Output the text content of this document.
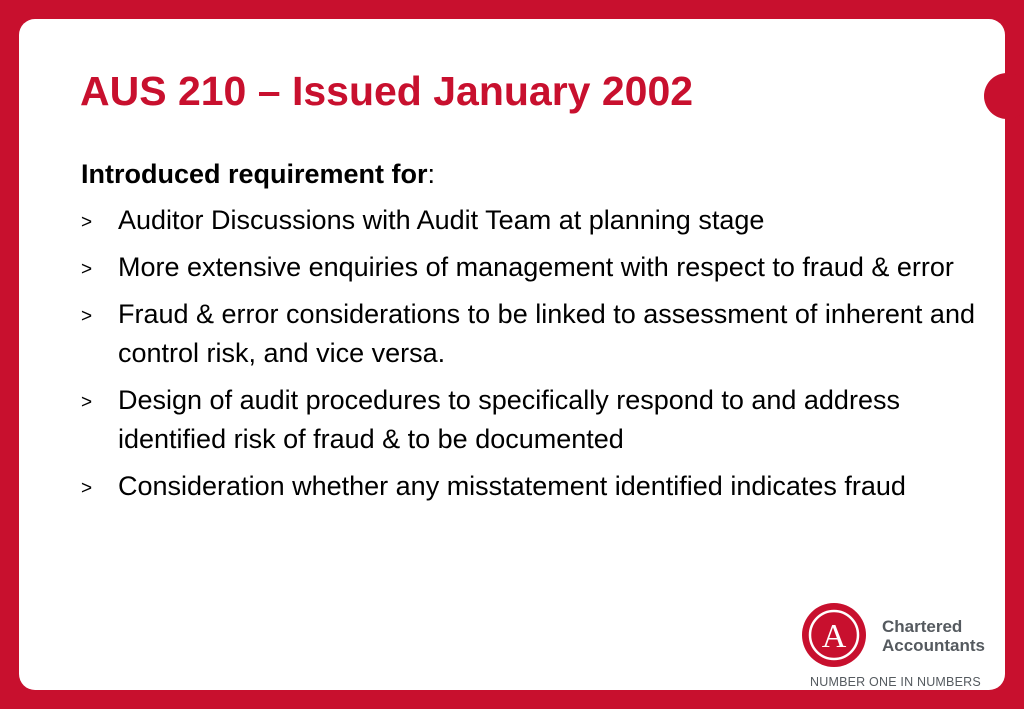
AUS 210 – Issued January 2002
Introduced requirement for:
> Auditor Discussions with Audit Team at planning stage
> More extensive enquiries of management with respect to fraud & error
> Fraud & error considerations to be linked to assessment of inherent and control risk, and vice versa.
> Design of audit procedures to specifically respond to and address identified risk of fraud & to be documented
> Consideration whether any misstatement identified indicates fraud
A Chartered
Accountants
NUMBER ONE IN NUMBERS
